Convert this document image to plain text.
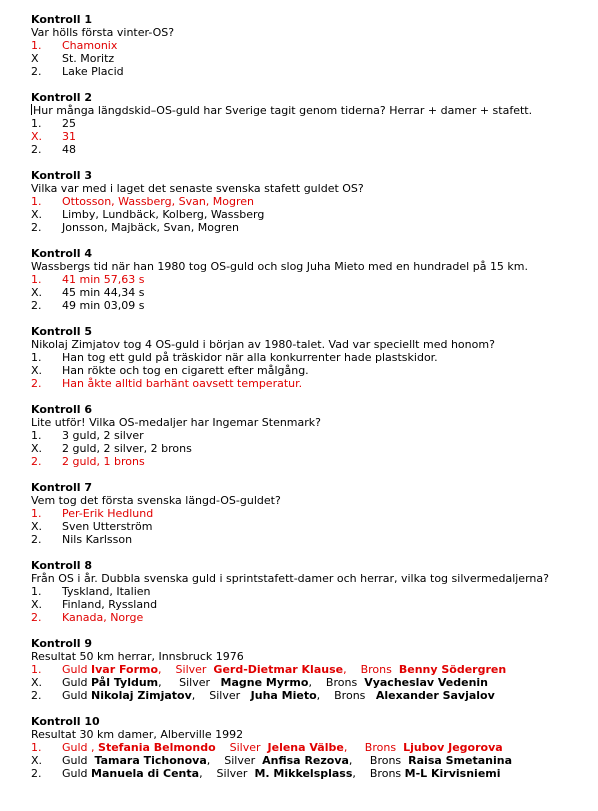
Kontroll 1
Var hölls första vinter-OS?
1.	Chamonix
X	St. Moritz
2.	Lake Placid
Kontroll 2
Hur många längdskid–OS-guld har Sverige tagit genom tiderna? Herrar + damer + stafett.
1.	25
X.	31
2.	48
Kontroll 3
Vilka var med i laget det senaste svenska stafett guldet OS?
1.	Ottosson, Wassberg, Svan, Mogren
X.	Limby, Lundbäck, Kolberg, Wassberg
2.	Jonsson, Majbäck, Svan, Mogren
Kontroll 4
Wassbergs tid när han 1980 tog OS-guld och slog Juha Mieto med en hundradel på 15 km.
1.	41 min 57,63 s
X.	45 min 44,34 s
2.	49 min 03,09 s
Kontroll 5
Nikolaj Zimjatov tog 4 OS-guld i början av 1980-talet. Vad var speciellt med honom?
1.	Han tog ett guld på träskidor när alla konkurrenter hade plastskidor.
X.	Han rökte och tog en cigarett efter målgång.
2.	Han åkte alltid barhänt oavsett temperatur.
Kontroll 6
Lite utför! Vilka OS-medaljer har Ingemar Stenmark?
1.	3 guld, 2 silver
X.	2 guld, 2 silver, 2 brons
2.	2 guld, 1 brons
Kontroll 7
Vem tog det första svenska längd-OS-guldet?
1.	Per-Erik Hedlund
X.	Sven Utterström
2.	Nils Karlsson
Kontroll 8
Från OS i år. Dubbla svenska guld i sprintstafett-damer och herrar, vilka tog silvermedaljerna?
1.	Tyskland, Italien
X.	Finland, Ryssland
2.	Kanada, Norge
Kontroll 9
Resultat 50 km herrar, Innsbruck 1976
1.	Guld Ivar Formo,    Silver  Gerd-Dietmar Klause,    Brons  Benny Södergren
X.	Guld Pål Tyldum,     Silver   Magne Myrmo,    Brons  Vyacheslav Vedenin
2.	Guld Nikolaj Zimjatov,    Silver   Juha Mieto,    Brons   Alexander Savjalov
Kontroll 10
Resultat 30 km damer, Alberville 1992
1.	Guld , Stefania Belmondo    Silver  Jelena Välbe,     Brons  Ljubov Jegorova
X.	Guld  Tamara Tichonova,    Silver  Anfisa Rezova,     Brons  Raisa Smetanina
2.	Guld Manuela di Centa,    Silver  M. Mikkelsplass,    Brons M-L Kirvisniemi
